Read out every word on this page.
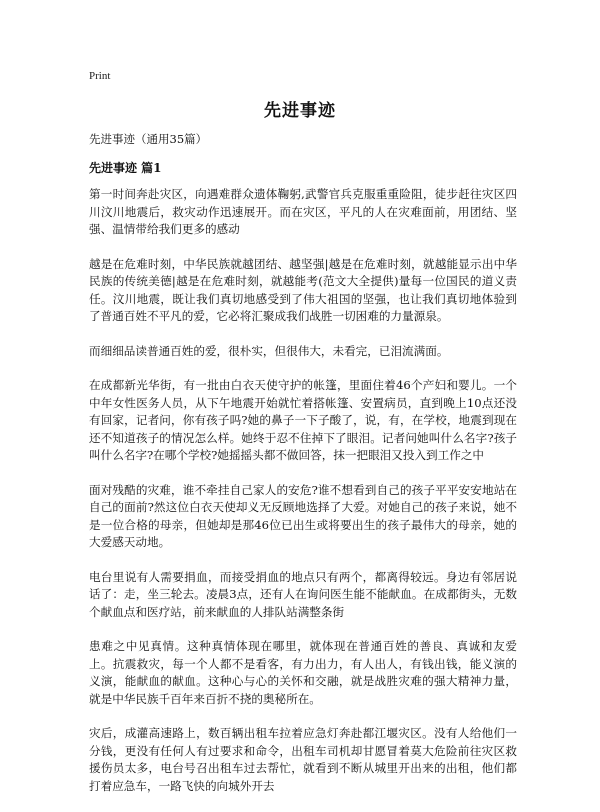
Print
先进事迹
先进事迹（通用35篇）
先进事迹 篇1

第一时间奔赴灾区，向遇难群众遗体鞠躬,武警官兵克服重重险阻，徒步赶往灾区四川汶川地震后，救灾动作迅速展开。而在灾区，平凡的人在灾难面前，用团结、坚强、温情带给我们更多的感动

越是在危难时刻，中华民族就越团结、越坚强|越是在危难时刻，就越能显示出中华民族的传统美德|越是在危难时刻，就越能考(范文大全提供)量每一位国民的道义责任。汶川地震，既让我们真切地感受到了伟大祖国的坚强，也让我们真切地体验到了普通百姓不平凡的爱，它必将汇聚成我们战胜一切困难的力量源泉。

而细细品读普通百姓的爱，很朴实，但很伟大，未看完，已泪流满面。

在成都新光华街，有一批由白衣天使守护的帐篷，里面住着46个产妇和婴儿。一个中年女性医务人员，从下午地震开始就忙着搭帐篷、安置病员，直到晚上10点还没有回家，记者问，你有孩子吗?她的鼻子一下子酸了，说，有，在学校，地震到现在还不知道孩子的情况怎么样。她终于忍不住掉下了眼泪。记者问她叫什么名字?孩子叫什么名字?在哪个学校?她摇摇头都不做回答，抹一把眼泪又投入到工作之中

面对残酷的灾难，谁不牵挂自己家人的安危?谁不想看到自己的孩子平平安安地站在自己的面前?然这位白衣天使却义无反顾地选择了大爱。对她自己的孩子来说，她不是一位合格的母亲，但她却是那46位已出生或将要出生的孩子最伟大的母亲，她的大爱感天动地。

电台里说有人需要捐血，而接受捐血的地点只有两个，都离得较远。身边有邻居说话了：走，坐三轮去。凌晨3点，还有人在询问医生能不能献血。在成都街头，无数个献血点和医疗站，前来献血的人排队站满整条街

患难之中见真情。这种真情体现在哪里，就体现在普通百姓的善良、真诚和友爱上。抗震救灾，每一个人都不是看客，有力出力，有人出人，有钱出钱，能义演的义演，能献血的献血。这种心与心的关怀和交融，就是战胜灾难的强大精神力量，就是中华民族千百年来百折不挠的奥秘所在。

灾后，成灌高速路上，数百辆出租车拉着应急灯奔赴都江堰灾区。没有人给他们一分钱，更没有任何人有过要求和命令，出租车司机却甘愿冒着莫大危险前往灾区救援伤员太多，电台号召出租车过去帮忙，就看到不断从城里开出来的出租，他们都打着应急车，一路飞快的向城外开去
